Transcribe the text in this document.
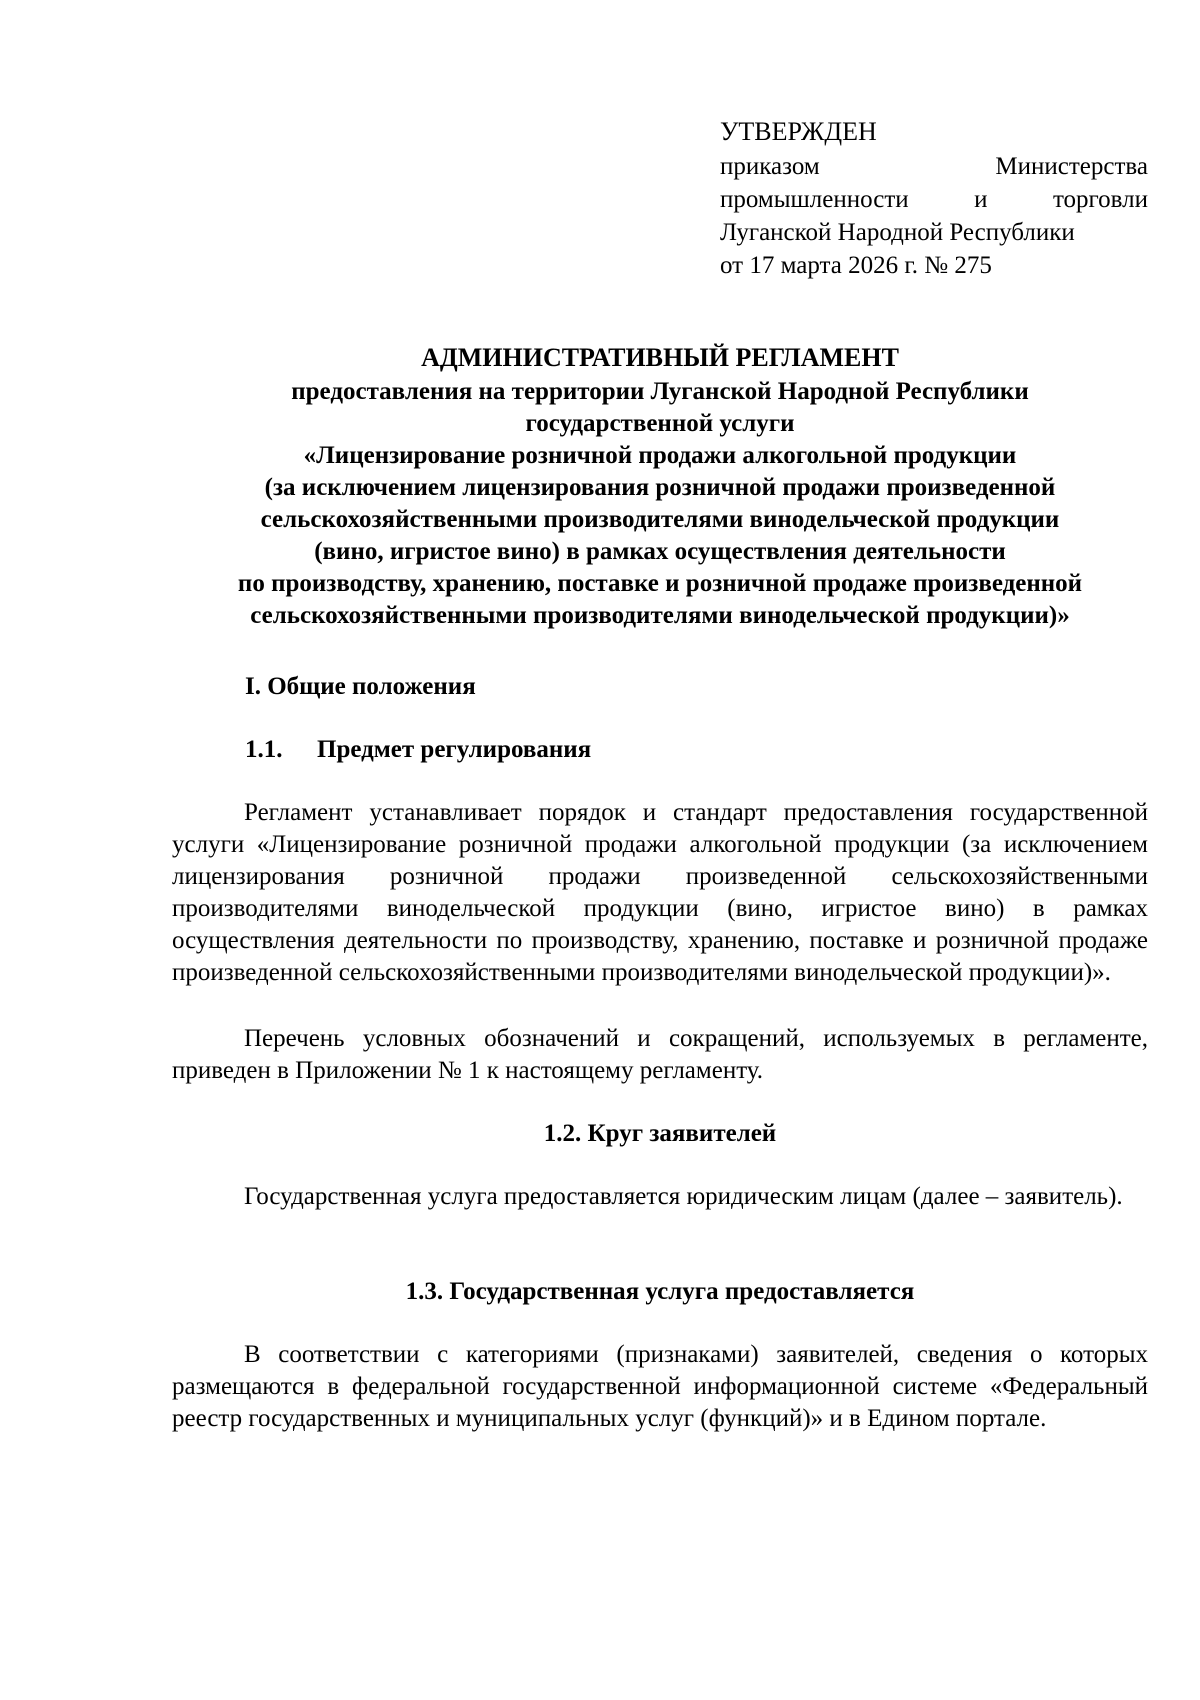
УТВЕРЖДЕН
приказом Министерства
промышленности и торговли
Луганской Народной Республики
от 17 марта 2026 г. № 275
АДМИНИСТРАТИВНЫЙ РЕГЛАМЕНТ
предоставления на территории Луганской Народной Республики
государственной услуги
«Лицензирование розничной продажи алкогольной продукции
(за исключением лицензирования розничной продажи произведенной
сельскохозяйственными производителями винодельческой продукции
(вино, игристое вино) в рамках осуществления деятельности
по производству, хранению, поставке и розничной продаже произведенной
сельскохозяйственными производителями винодельческой продукции)»
I. Общие положения
1.1.	Предмет регулирования
Регламент устанавливает порядок и стандарт предоставления государственной услуги «Лицензирование розничной продажи алкогольной продукции (за исключением лицензирования розничной продажи произведенной сельскохозяйственными производителями винодельческой продукции (вино, игристое вино) в рамках осуществления деятельности по производству, хранению, поставке и розничной продаже произведенной сельскохозяйственными производителями винодельческой продукции)».
Перечень условных обозначений и сокращений, используемых в регламенте, приведен в Приложении № 1 к настоящему регламенту.
1.2. Круг заявителей
Государственная услуга предоставляется юридическим лицам (далее – заявитель).
1.3. Государственная услуга предоставляется
В соответствии с категориями (признаками) заявителей, сведения о которых размещаются в федеральной государственной информационной системе «Федеральный реестр государственных и муниципальных услуг (функций)» и в Едином портале.
